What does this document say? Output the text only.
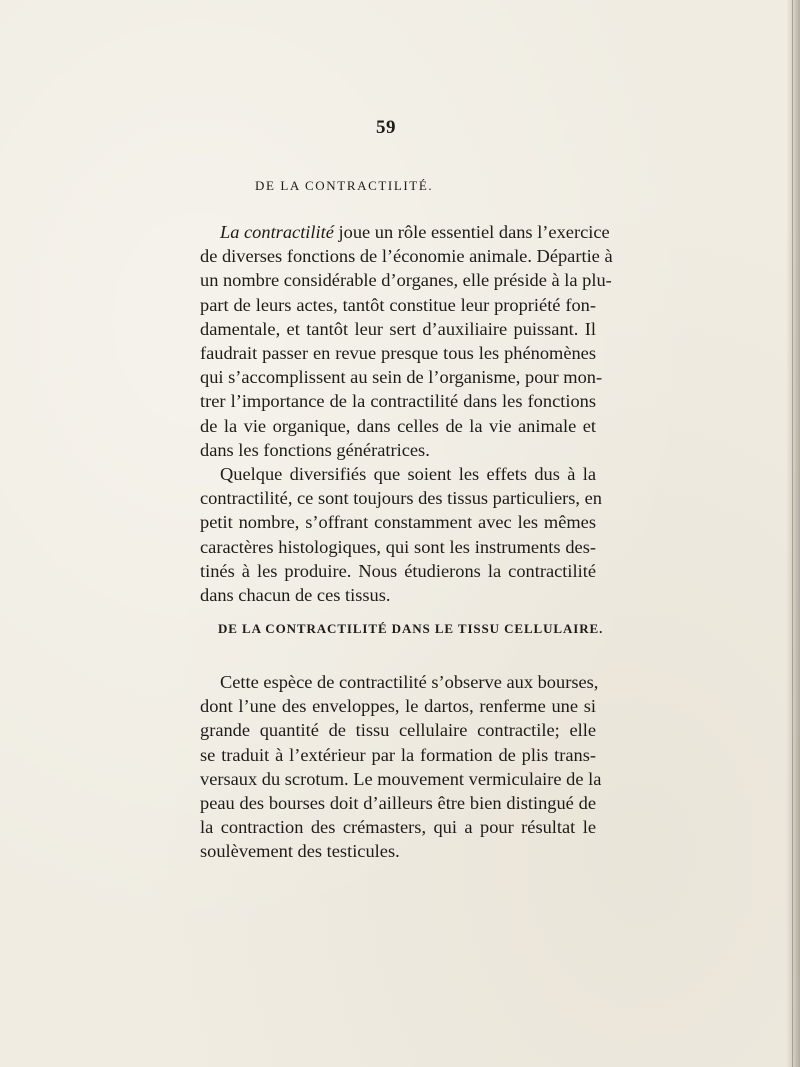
59
DE LA CONTRACTILITÉ.
La contractilité joue un rôle essentiel dans l’exercice
de diverses fonctions de l’économie animale. Départie à
un nombre considérable d’organes, elle préside à la plu-
part de leurs actes, tantôt constitue leur propriété fon-
damentale, et tantôt leur sert d’auxiliaire puissant. Il
faudrait passer en revue presque tous les phénomènes
qui s’accomplissent au sein de l’organisme, pour mon-
trer l’importance de la contractilité dans les fonctions
de la vie organique, dans celles de la vie animale et
dans les fonctions génératrices.
Quelque diversifiés que soient les effets dus à la
contractilité, ce sont toujours des tissus particuliers, en
petit nombre, s’offrant constamment avec les mêmes
caractères histologiques, qui sont les instruments des-
tinés à les produire. Nous étudierons la contractilité
dans chacun de ces tissus.
DE LA CONTRACTILITÉ DANS LE TISSU CELLULAIRE.
Cette espèce de contractilité s’observe aux bourses,
dont l’une des enveloppes, le dartos, renferme une si
grande quantité de tissu cellulaire contractile; elle
se traduit à l’extérieur par la formation de plis trans-
versaux du scrotum. Le mouvement vermiculaire de la
peau des bourses doit d’ailleurs être bien distingué de
la contraction des crémasters, qui a pour résultat le
soulèvement des testicules.
